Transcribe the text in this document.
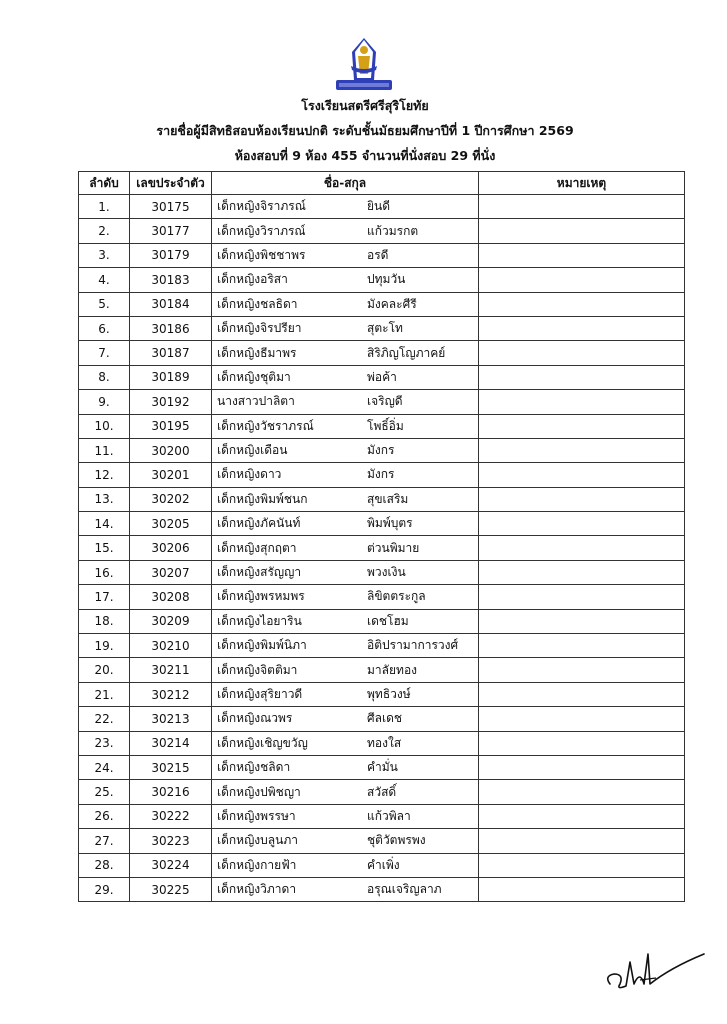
โรงเรียนสตรีศรีสุริโยทัย
รายชื่อผู้มีสิทธิสอบห้องเรียนปกติ ระดับชั้นมัธยมศึกษาปีที่ 1 ปีการศึกษา 2569
ห้องสอบที่ 9 ห้อง 455 จำนวนที่นั่งสอบ 29 ที่นั่ง
ลำดับ	เลขประจำตัว	ชื่อ-สกุล	หมายเหตุ
1.	30175	เด็กหญิงจิราภรณ์ ยินดี	
2.	30177	เด็กหญิงวิราภรณ์ แก้วมรกต	
3.	30179	เด็กหญิงพิชชาพร อรดี	
4.	30183	เด็กหญิงอริสา ปทุมวัน	
5.	30184	เด็กหญิงชลธิดา มังคละศีรี	
6.	30186	เด็กหญิงจิรปรียา สุตะโท	
7.	30187	เด็กหญิงธีมาพร สิริภิญโญภาคย์	
8.	30189	เด็กหญิงชุติมา พ่อค้า	
9.	30192	นางสาวปาลิตา เจริญดี	
10.	30195	เด็กหญิงวัชราภรณ์ โพธิ์อิ่ม	
11.	30200	เด็กหญิงเดือน มังกร	
12.	30201	เด็กหญิงดาว มังกร	
13.	30202	เด็กหญิงพิมพ์ชนก สุขเสริม	
14.	30205	เด็กหญิงภัคนันท์ พิมพ์บุตร	
15.	30206	เด็กหญิงสุกฤตา ต่วนพิมาย	
16.	30207	เด็กหญิงสรัญญา พวงเงิน	
17.	30208	เด็กหญิงพรหมพร ลิขิตตระกูล	
18.	30209	เด็กหญิงไอยาริน เดชโฮม	
19.	30210	เด็กหญิงพิมพ์นิภา อิติปรามาการวงศ์	
20.	30211	เด็กหญิงจิตติมา มาลัยทอง	
21.	30212	เด็กหญิงสุริยาวดี พุทธิวงษ์	
22.	30213	เด็กหญิงณวพร ศีลเดช	
23.	30214	เด็กหญิงเชิญขวัญ ทองใส	
24.	30215	เด็กหญิงชลิดา คำมั่น	
25.	30216	เด็กหญิงปพิชญา สวัสดิ์	
26.	30222	เด็กหญิงพรรษา แก้วพิลา	
27.	30223	เด็กหญิงบลูนภา ชุติวัตพรพง	
28.	30224	เด็กหญิงกายฟ้า คำเพิ่ง	
29.	30225	เด็กหญิงวิภาดา อรุณเจริญลาภ	
